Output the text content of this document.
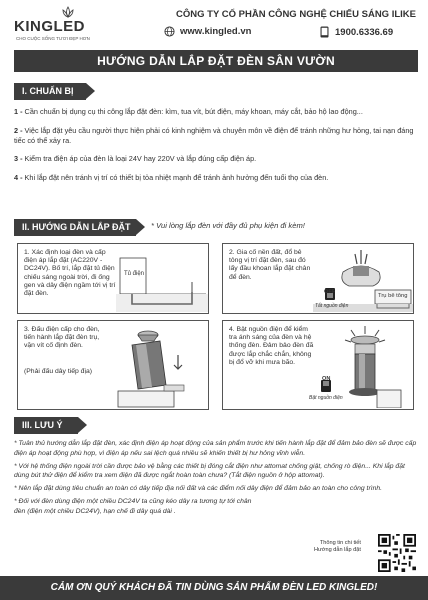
KINGLED
CHO CUỘC SỐNG TƯƠI ĐẸP HƠN
CÔNG TY CỔ PHẦN CÔNG NGHỆ CHIẾU SÁNG ILIKE
www.kingled.vn	1900.6336.69
HƯỚNG DẪN LẮP ĐẶT ĐÈN SÂN VƯỜN
I. CHUẨN BỊ

1 - Cần chuẩn bị dụng cụ thi công lắp đặt đèn: kìm, tua vít, bút điện, máy khoan, máy cắt, bảo hộ lao động...

2 - Việc lắp đặt yêu cầu người thực hiện phải có kinh nghiệm và chuyên môn về điện để tránh những hư hỏng, tai nạn đáng tiếc có thể xảy ra.

3 - Kiểm tra điện áp của đèn là loại 24V hay 220V và lắp đúng cấp điện áp.

4 - Khi lắp đặt nên tránh vị trí có thiết bị tỏa nhiệt mạnh để tránh ảnh hưởng đến tuổi thọ của đèn.

II. HƯỚNG DẪN LẮP ĐẶT	* Vui lòng lắp đèn với đầy đủ phụ kiện đi kèm!
1. Xác định loại đèn và cấp điện áp lắp đặt (AC220V - DC24V). Bố trí, lắp đặt tủ điện chiếu sáng ngoài trời, đi ống gen và dây điện ngầm tới vị trí đặt đèn.
Tủ điện
2. Gia cố nền đất, đổ bê tông vị trí đặt đèn, sau đó lấy đầu khoan lắp đặt chân để đèn.
Trụ bê tông
OFF
Tắt nguồn điện
3. Đấu điện cấp cho đèn, tiến hành lắp đặt đèn trụ, vặn vít cố định đèn.
(Phải đấu dây tiếp địa)
4. Bật nguồn điện để kiểm tra ánh sáng của đèn và hệ thống đèn. Đảm bảo đèn đã được lắp chắc chắn, không bị đổ vỡ khi mưa bão.
ON
Bật nguồn điện
III. LƯU Ý

* Tuân thủ hướng dẫn lắp đặt đèn, xác định điện áp hoạt động của sản phẩm trước khi tiến hành lắp đặt để đảm bảo đèn sẽ được cấp điện áp hoạt động phù hợp, vì điện áp nếu sai lệch quá nhiều sẽ khiến thiết bị hư hỏng vĩnh viễn.

* Với hệ thống điện ngoài trời cần được bảo vệ bằng các thiết bị đóng cắt điện như attomat chống giật, chống rò điện... Khi lắp đặt dùng bút thử điện để kiểm tra xem điện đã được ngắt hoàn toàn chưa? (Tắt điện nguồn ở hộp attomat).

* Nên lắp đặt dùng tiêu chuẩn an toàn có dây tiếp địa nối đất và các điểm nối dây điện để đảm bảo an toàn cho công trình.

* Đối với đèn dùng điện một chiều DC24V ta cũng kéo dây ra tương tự tới chân đèn (điện một chiều DC24V), hạn chế đi dây quá dài .

Thông tin chi tiết
Hướng dẫn lắp đặt
CẢM ƠN QUÝ KHÁCH ĐÃ TIN DÙNG SẢN PHẨM ĐÈN LED KINGLED!
